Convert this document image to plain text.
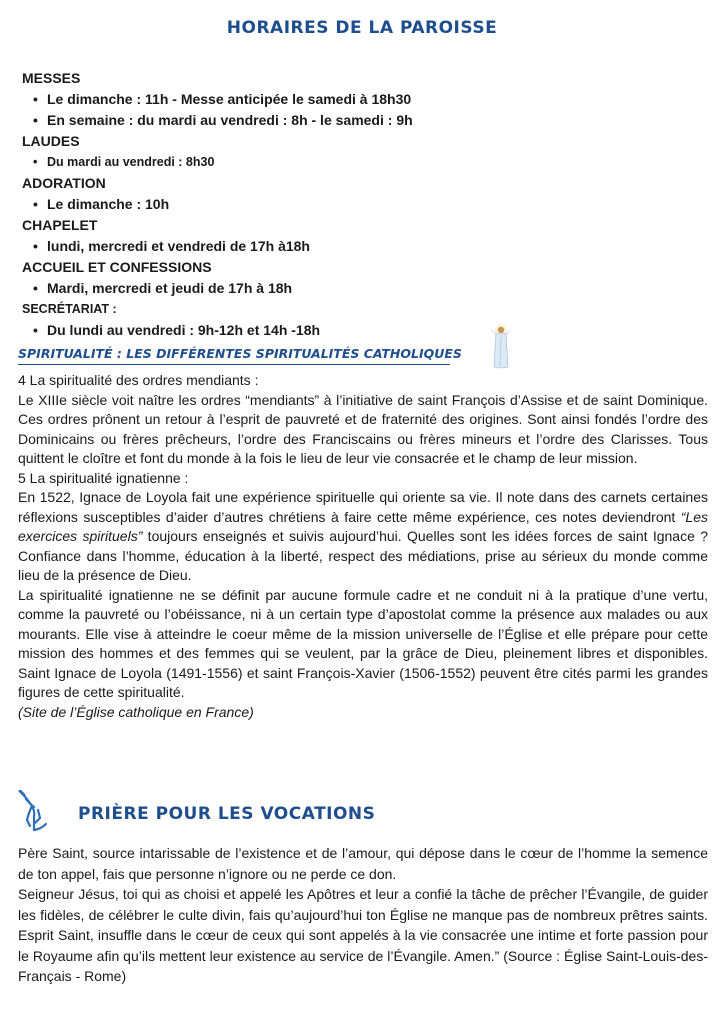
HORAIRES DE LA PAROISSE
MESSES
• Le dimanche : 11h - Messe anticipée le samedi à 18h30
• En semaine : du mardi au vendredi : 8h - le samedi : 9h
LAUDES
• Du mardi au vendredi : 8h30
ADORATION
• Le dimanche : 10h
CHAPELET
• lundi, mercredi et vendredi de 17h à18h
ACCUEIL ET CONFESSIONS
• Mardi, mercredi et jeudi de 17h à 18h
SECRÉTARIAT :
• Du lundi au vendredi : 9h-12h et 14h -18h
SPIRITUALITÉ : LES DIFFÉRENTES SPIRITUALITÉS CATHOLIQUES

4 La spiritualité des ordres mendiants :

Le XIIIe siècle voit naître les ordres “mendiants” à l’initiative de saint François d’Assise et de saint Dominique. Ces ordres prônent un retour à l’esprit de pauvreté et de fraternité des origines. Sont ainsi fondés l’ordre des Dominicains ou frères prêcheurs, l’ordre des Franciscains ou frères mineurs et l’ordre des Clarisses. Tous quittent le cloître et font du monde à la fois le lieu de leur vie consacrée et le champ de leur mission.

5 La spiritualité ignatienne :

En 1522, Ignace de Loyola fait une expérience spirituelle qui oriente sa vie. Il note dans des carnets certaines réflexions susceptibles d’aider d’autres chrétiens à faire cette même expérience, ces notes deviendront “Les exercices spirituels” toujours enseignés et suivis aujourd’hui. Quelles sont les idées forces de saint Ignace ? Confiance dans l’homme, éducation à la liberté, respect des médiations, prise au sérieux du monde comme lieu de la présence de Dieu.

La spiritualité ignatienne ne se définit par aucune formule cadre et ne conduit ni à la pratique d’une vertu, comme la pauvreté ou l’obéissance, ni à un certain type d’apostolat comme la présence aux malades ou aux mourants. Elle vise à atteindre le coeur même de la mission universelle de l’Église et elle prépare pour cette mission des hommes et des femmes qui se veulent, par la grâce de Dieu, pleinement libres et disponibles. Saint Ignace de Loyola (1491-1556) et saint François-Xavier (1506-1552) peuvent être cités parmi les grandes figures de cette spiritualité.

(Site de l’Église catholique en France)

PRIÈRE POUR LES VOCATIONS

Père Saint, source intarissable de l’existence et de l’amour, qui dépose dans le cœur de l’homme la semence de ton appel, fais que personne n’ignore ou ne perde ce don.

Seigneur Jésus, toi qui as choisi et appelé les Apôtres et leur a confié la tâche de prêcher l’Évangile, de guider les fidèles, de célébrer le culte divin, fais qu’aujourd’hui ton Église ne manque pas de nombreux prêtres saints. Esprit Saint, insuffle dans le cœur de ceux qui sont appelés à la vie consacrée une intime et forte passion pour le Royaume afin qu’ils mettent leur existence au service de l’Évangile. Amen.” (Source : Église Saint-Louis-des-Français - Rome)
